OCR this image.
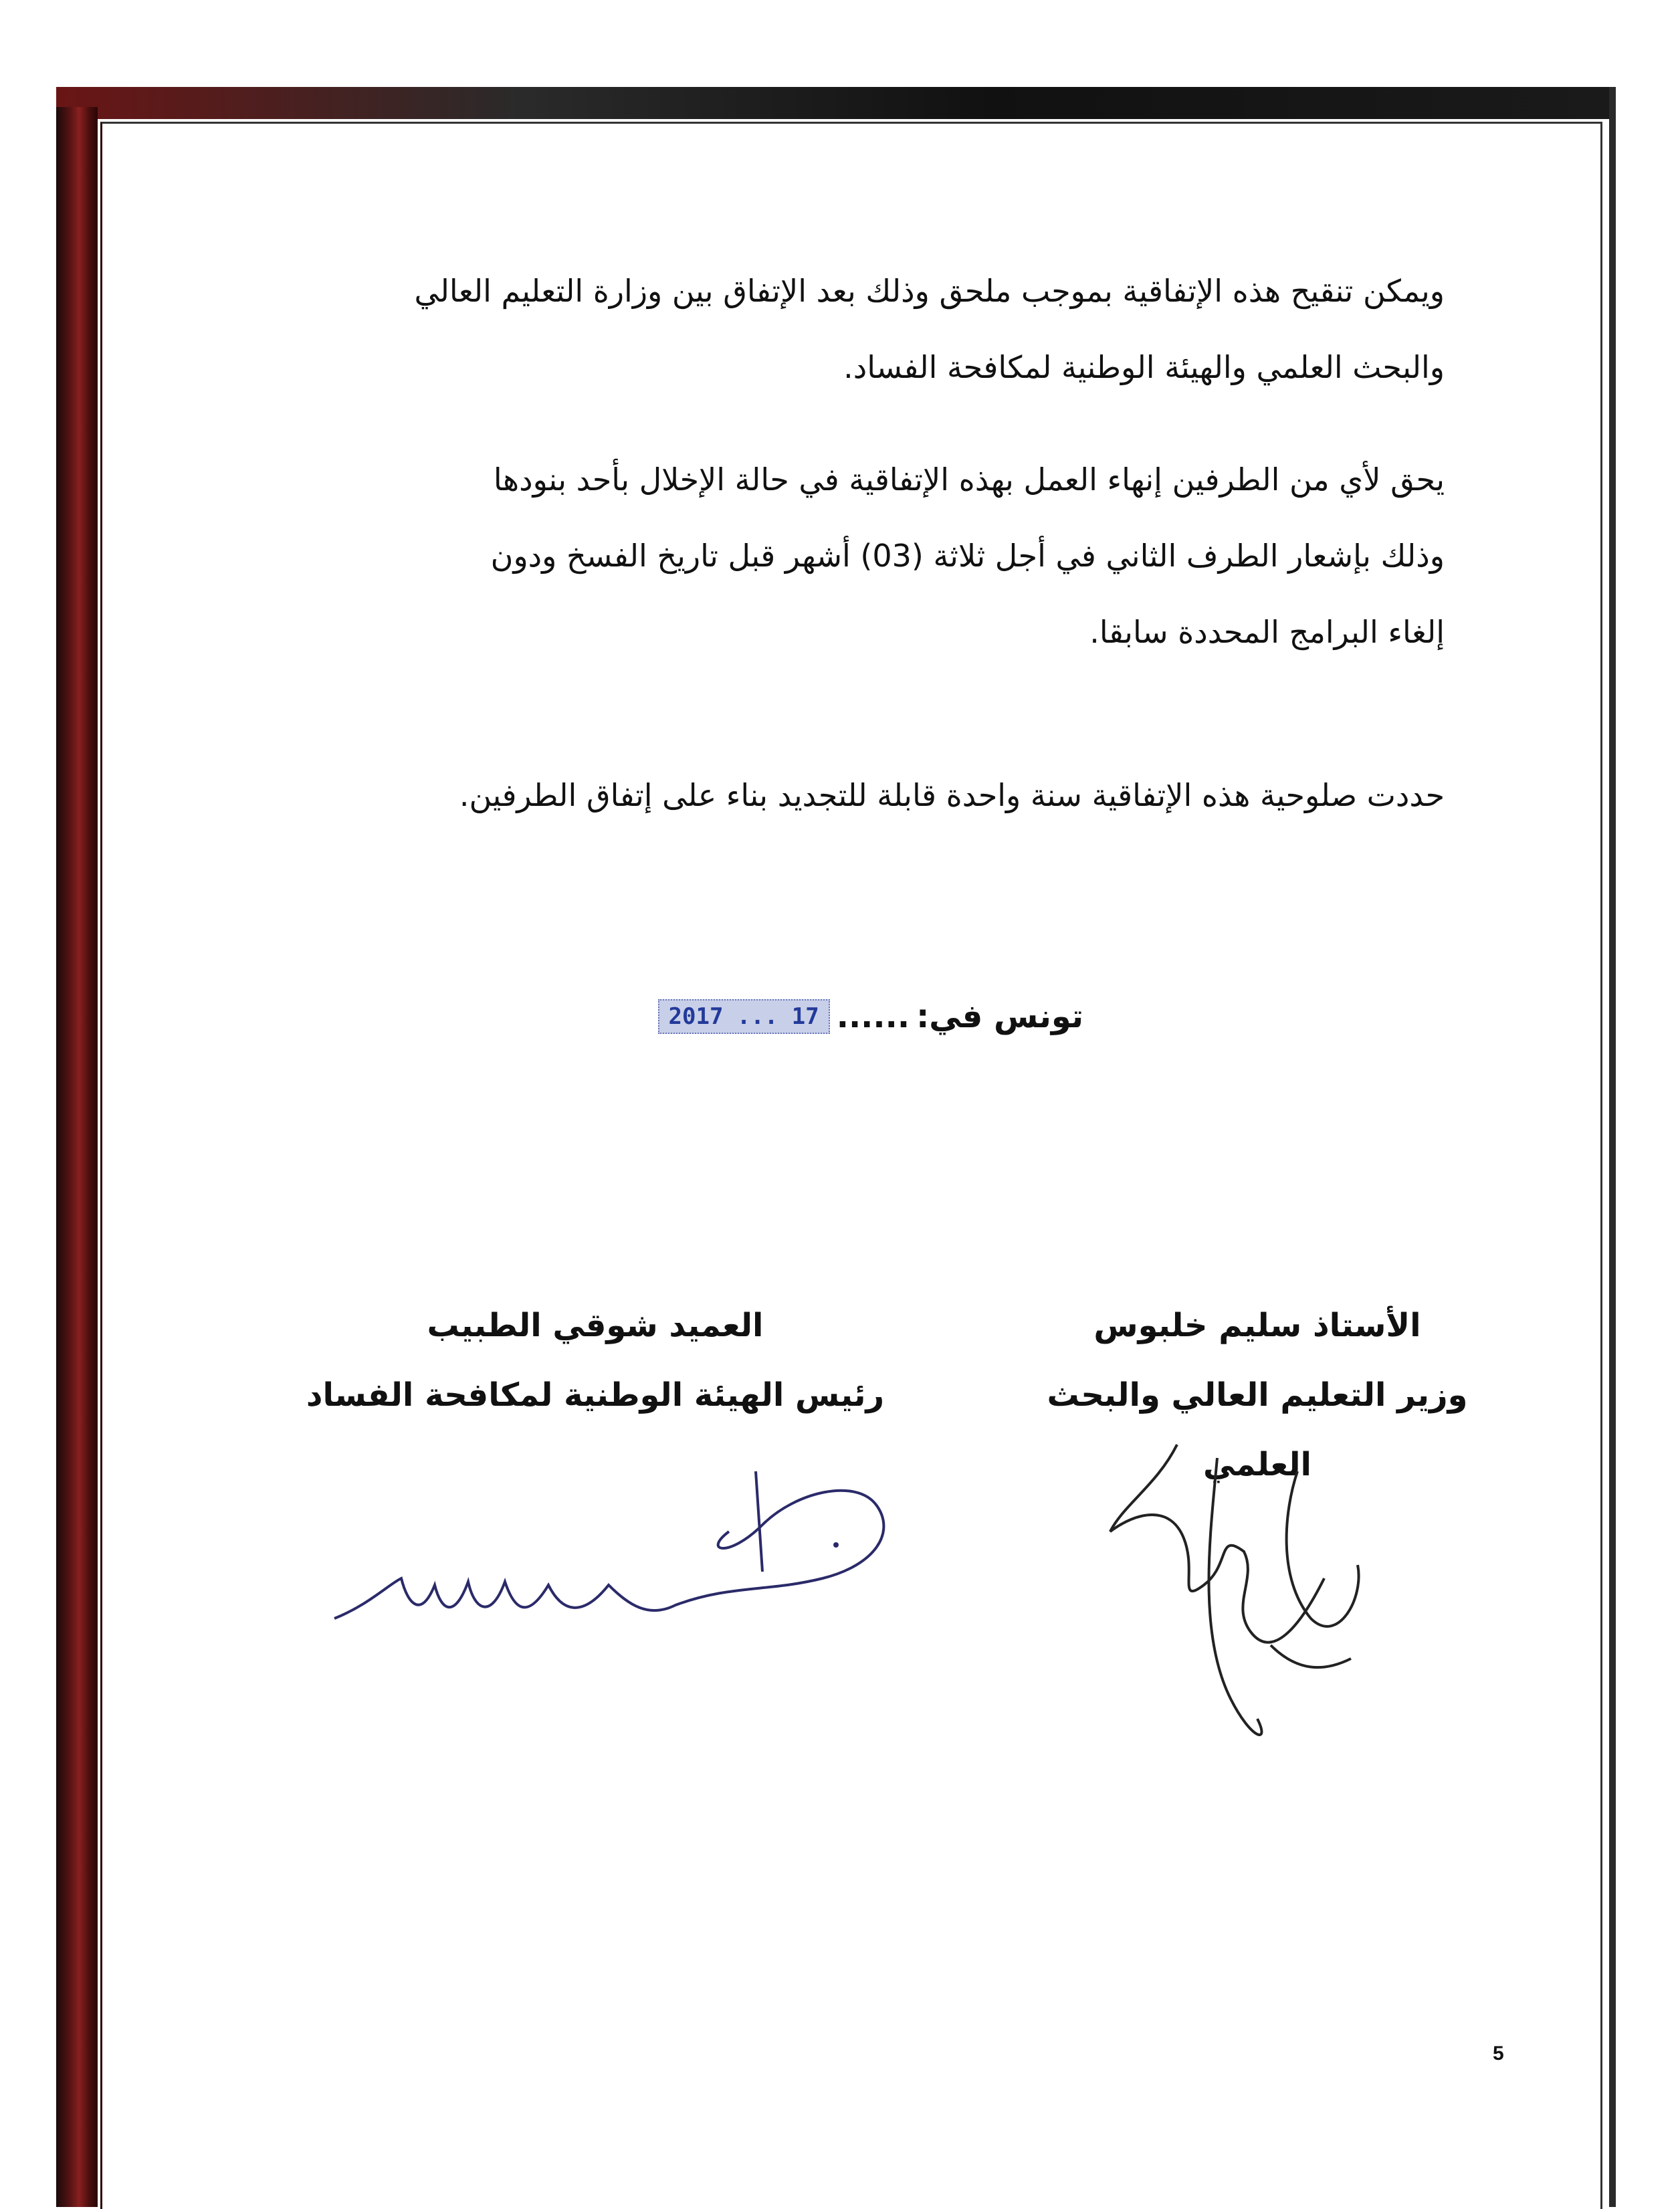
ويمكن تنقيح هذه الإتفاقية بموجب ملحق وذلك بعد الإتفاق بين وزارة التعليم العالي
والبحث العلمي والهيئة الوطنية لمكافحة الفساد.
يحق لأي من الطرفين إنهاء العمل بهذه الإتفاقية في حالة الإخلال بأحد بنودها
وذلك بإشعار الطرف الثاني في أجل ثلاثة (03) أشهر قبل تاريخ الفسخ ودون
إلغاء البرامج المحددة سابقا.
حددت صلوحية هذه الإتفاقية سنة واحدة قابلة للتجديد بناء على إتفاق الطرفين.
تونس في:
......
2017 ... 17
الأستاذ سليم خلبوس
وزير التعليم العالي والبحث العلمي
العميد شوقي الطبيب
رئيس الهيئة الوطنية لمكافحة الفساد
5
